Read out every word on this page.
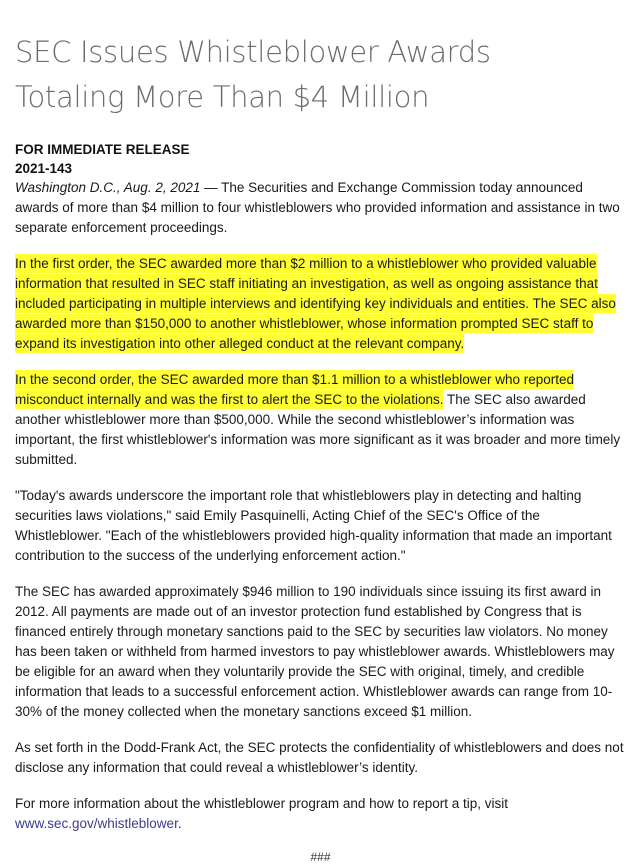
SEC Issues Whistleblower Awards
Totaling More Than $4 Million
FOR IMMEDIATE RELEASE
2021-143

Washington D.C., Aug. 2, 2021 — The Securities and Exchange Commission today announced awards of more than $4 million to four whistleblowers who provided information and assistance in two separate enforcement proceedings.

In the first order, the SEC awarded more than $2 million to a whistleblower who provided valuable information that resulted in SEC staff initiating an investigation, as well as ongoing assistance that included participating in multiple interviews and identifying key individuals and entities. The SEC also awarded more than $150,000 to another whistleblower, whose information prompted SEC staff to expand its investigation into other alleged conduct at the relevant company.

In the second order, the SEC awarded more than $1.1 million to a whistleblower who reported misconduct internally and was the first to alert the SEC to the violations. The SEC also awarded another whistleblower more than $500,000. While the second whistleblower’s information was important, the first whistleblower's information was more significant as it was broader and more timely submitted.

"Today's awards underscore the important role that whistleblowers play in detecting and halting securities laws violations," said Emily Pasquinelli, Acting Chief of the SEC's Office of the Whistleblower. "Each of the whistleblowers provided high-quality information that made an important contribution to the success of the underlying enforcement action."

The SEC has awarded approximately $946 million to 190 individuals since issuing its first award in 2012. All payments are made out of an investor protection fund established by Congress that is financed entirely through monetary sanctions paid to the SEC by securities law violators. No money has been taken or withheld from harmed investors to pay whistleblower awards. Whistleblowers may be eligible for an award when they voluntarily provide the SEC with original, timely, and credible information that leads to a successful enforcement action. Whistleblower awards can range from 10-30% of the money collected when the monetary sanctions exceed $1 million.

As set forth in the Dodd-Frank Act, the SEC protects the confidentiality of whistleblowers and does not disclose any information that could reveal a whistleblower’s identity.

For more information about the whistleblower program and how to report a tip, visit www.sec.gov/whistleblower.

###
